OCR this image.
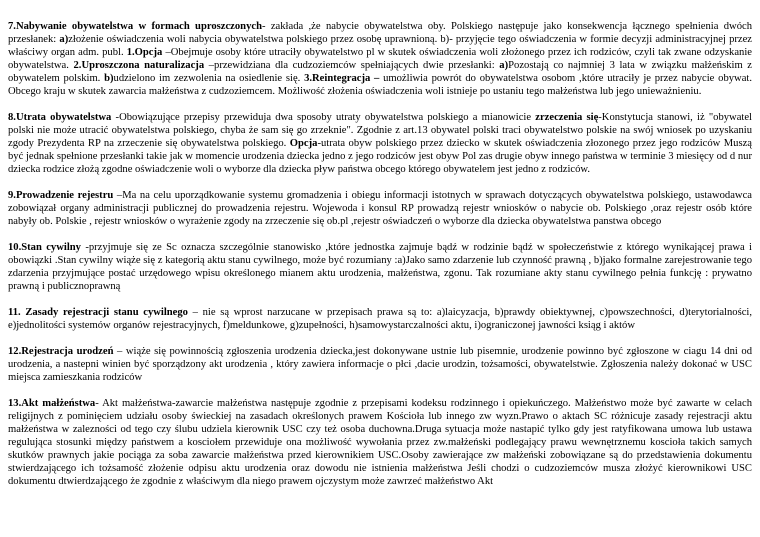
7.Nabywanie obywatelstwa w formach uproszczonych- zakłada ,że nabycie obywatelstwa oby. Polskiego następuje jako konsekwencja łącznego spełnienia dwóch przesłanek: a)złożenie oświadczenia woli nabycia obywatelstwa polskiego przez osobę uprawnioną. b)- przyjęcie tego oświadczenia w formie decyzji administracyjnej przez właściwy organ adm. publ. 1.Opcja –Obejmuje osoby które utraciły obywatelstwo pl w skutek oświadczenia woli złożonego przez ich rodziców, czyli tak zwane odzyskanie obywatelstwa. 2.Uproszczona naturalizacja –przewidziana dla cudzoziemców spełniających dwie przesłanki: a)Pozostają co najmniej 3 lata w związku małżeńskim z obywatelem polskim. b)udzielono im zezwolenia na osiedlenie się. 3.Reintegracja – umożliwia powrót do obywatelstwa osobom ,które utraciły je przez nabycie obywat. Obcego kraju w skutek zawarcia małżeństwa z cudzoziemcem. Możliwość złożenia oświadczenia woli istnieje po ustaniu tego małżeństwa lub jego unieważnieniu.

8.Utrata obywatelstwa -Obowiązujące przepisy przewiduja dwa sposoby utraty obywatelstwa polskiego a mianowicie zrzeczenia się-Konstytucja stanowi, iż "obywatel polski nie może utracić obywatelstwa polskiego, chyba że sam się go zrzeknie". Zgodnie z art.13 obywatel polski traci obywatelstwo polskie na swój wniosek po uzyskaniu zgody Prezydenta RP na zrzeczenie się obywatelstwa polskiego. Opcja-utrata obyw polskiego przez dziecko w skutek oświadczenia złozonego przez jego rodziców Muszą być jednak spełnione przesłanki takie jak w momencie urodzenia dziecka jedno z jego rodziców jest obyw Pol zas drugie obyw innego państwa w terminie 3 miesięcy od d nur dziecka rodzice złożą zgodne oświadczenie woli o wyborze dla dziecka pływ państwa obcego którego obywatelem jest jedno z rodziców.

9.Prowadzenie rejestru –Ma na celu uporządkowanie systemu gromadzenia i obiegu informacji istotnych w sprawach dotyczących obywatelstwa polskiego, ustawodawca zobowiązał organy administracji publicznej do prowadzenia rejestru. Wojewoda i konsul RP prowadzą rejestr wniosków o nabycie ob. Polskiego ,oraz rejestr osób które nabyły ob. Polskie , rejestr wniosków o wyrażenie zgody na zrzeczenie się ob.pl ,rejestr oświadczeń o wyborze dla dziecka obywatelstwa panstwa obcego

10.Stan cywilny -przyjmuje się ze Sc oznacza szczególnie stanowisko ,które jednostka zajmuje bądź w rodzinie bądź w społeczeństwie z którego wynikającej prawa i obowiązki .Stan cywilny wiąże się z kategorią aktu stanu cywilnego, może być rozumiany :a)Jako samo zdarzenie lub czynność prawną , b)jako formalne zarejestrowanie tego zdarzenia przyjmujące postać urzędowego wpisu określonego mianem aktu urodzenia, małżeństwa, zgonu. Tak rozumiane akty stanu cywilnego pełnia funkcję : prywatno prawną i publicznoprawną

11. Zasady rejestracji stanu cywilnego – nie są wprost narzucane w przepisach prawa są to: a)laicyzacja, b)prawdy obiektywnej, c)powszechności, d)terytorialności, e)jednolitości systemów organów rejestracyjnych, f)meldunkowe, g)zupełności, h)samowystarczalności aktu, i)ograniczonej jawności ksiąg i aktów

12.Rejestracja urodzeń – wiąże się powinnością zgłoszenia urodzenia dziecka,jest dokonywane ustnie lub pisemnie, urodzenie powinno być zgłoszone w ciagu 14 dni od urodzenia, a nastepni winien być sporządzony akt urodzenia , który zawiera informacje o płci ,dacie urodzin, tożsamości, obywatelstwie. Zgłoszenia należy dokonać w USC miejsca zamieszkania rodziców

13.Akt małżeństwa- Akt małżeństwa-zawarcie małżeństwa następuje zgodnie z przepisami kodeksu rodzinnego i opiekuńczego. Małżeństwo może być zawarte w celach religijnych z pominięciem udziału osoby świeckiej na zasadach określonych prawem Kościoła lub innego zw wyzn.Prawo o aktach SC różnicuje zasady rejestracji aktu małżeństwa w zalezności od tego czy ślubu udziela kierownik USC czy też osoba duchowna.Druga sytuacja może nastapić tylko gdy jest ratyfikowana umowa lub ustawa regulująca stosunki między państwem a kosciołem przewiduje ona możliwość wywołania przez zw.małżeński podlegający prawu wewnętrznemu koscioła takich samych skutków prawnych jakie pociąga za soba zawarcie małżeństwa przed kierownikiem USC.Osoby zawierające zw małżeński zobowiązane są do przedstawienia dokumentu stwierdzającego ich tożsamość złożenie odpisu aktu urodzenia oraz dowodu nie istnienia małżeństwa Jeśli chodzi o cudzoziemców musza złożyć kierownikowi USC dokumentu dtwierdzającego że zgodnie z właściwym dla niego prawem ojczystym może zawrzeć małżeństwo Akt
